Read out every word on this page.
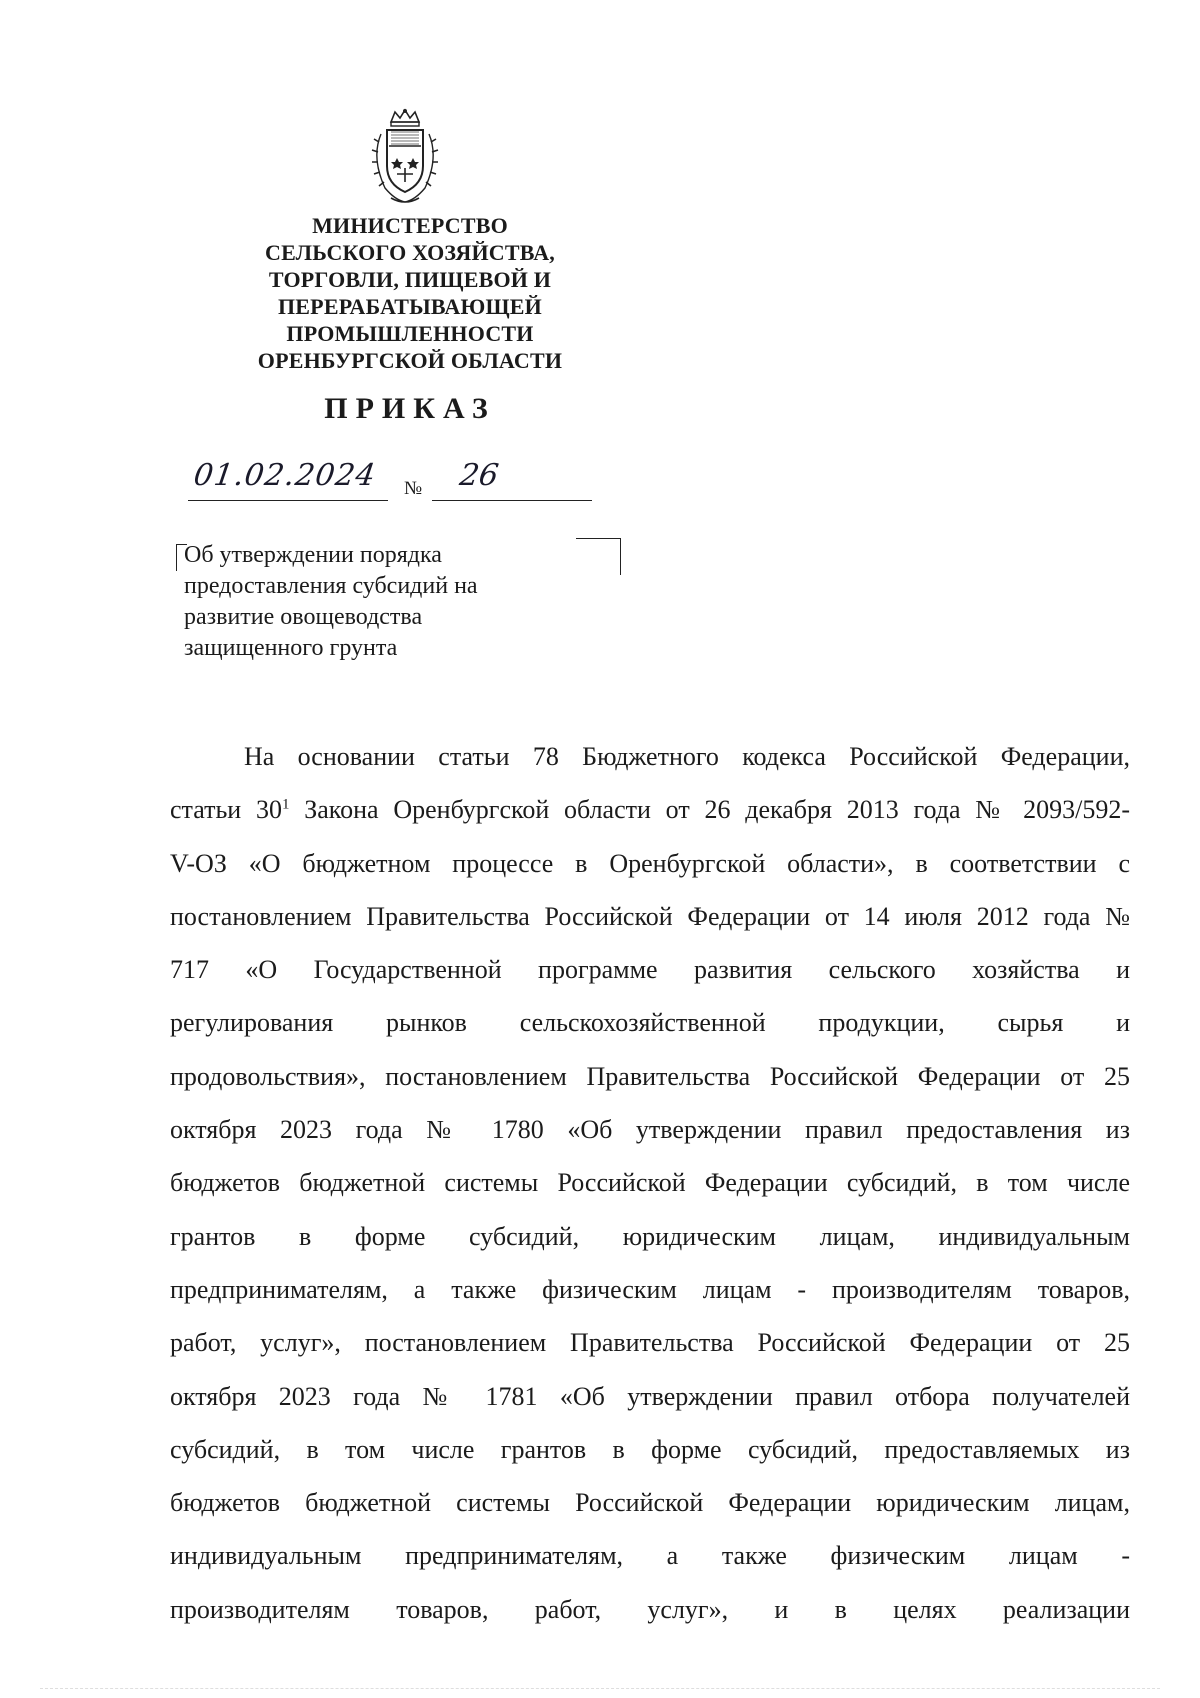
МИНИСТЕРСТВО
СЕЛЬСКОГО ХОЗЯЙСТВА,
ТОРГОВЛИ, ПИЩЕВОЙ И
ПЕРЕРАБАТЫВАЮЩЕЙ
ПРОМЫШЛЕННОСТИ
ОРЕНБУРГСКОЙ ОБЛАСТИ
ПРИКАЗ
01.02.2024 № 26
Об утверждении порядка
предоставления субсидий на
развитие овощеводства
защищенного грунта
На основании статьи 78 Бюджетного кодекса Российской Федерации,
статьи $30^1$ Закона Оренбургской области от 26 декабря 2013 года № 2093/592-
V-ОЗ «О бюджетном процессе в Оренбургской области», в соответствии с
постановлением Правительства Российской Федерации от 14 июля 2012 года №
717 «О Государственной программе развития сельского хозяйства и
регулирования рынков сельскохозяйственной продукции, сырья и
продовольствия», постановлением Правительства Российской Федерации от 25
октября 2023 года № 1780 «Об утверждении правил предоставления из
бюджетов бюджетной системы Российской Федерации субсидий, в том числе
грантов в форме субсидий, юридическим лицам, индивидуальным
предпринимателям, а также физическим лицам - производителям товаров,
работ, услуг», постановлением Правительства Российской Федерации от 25
октября 2023 года № 1781 «Об утверждении правил отбора получателей
субсидий, в том числе грантов в форме субсидий, предоставляемых из
бюджетов бюджетной системы Российской Федерации юридическим лицам,
индивидуальным предпринимателям, а также физическим лицам -
производителям товаров, работ, услуг», и в целях реализации
